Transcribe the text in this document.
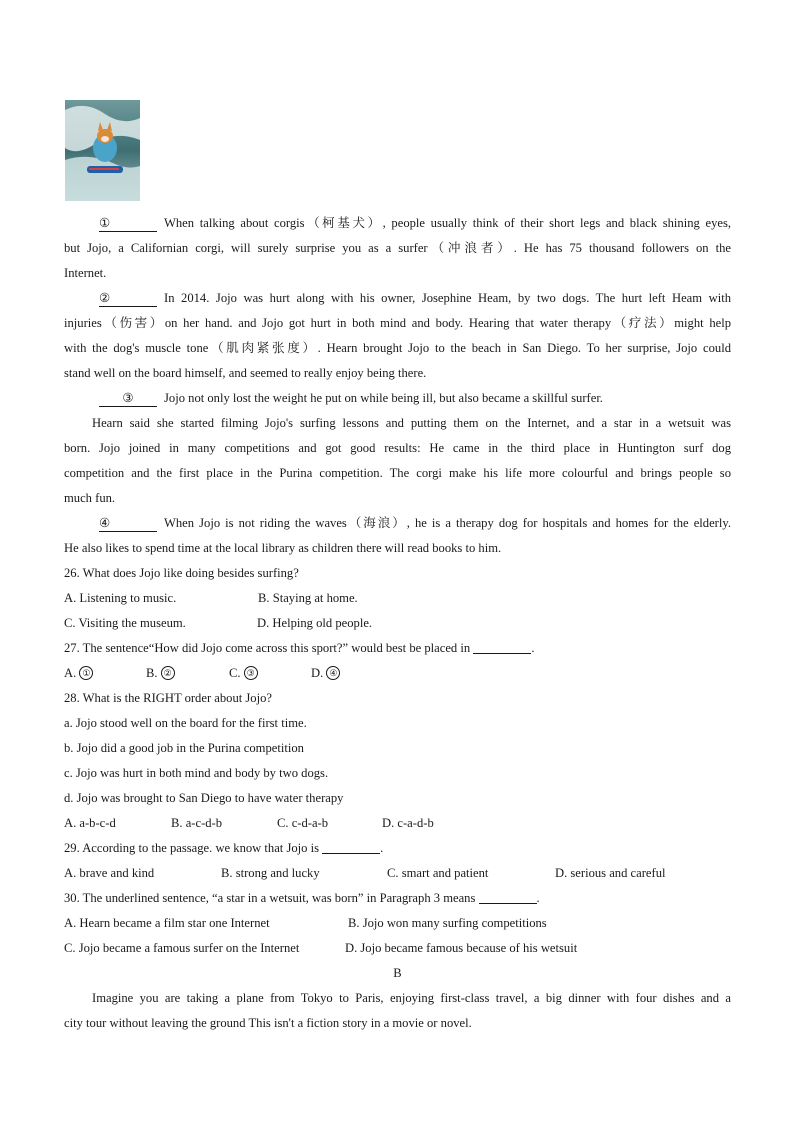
①	When talking about corgis（柯基犬）, people usually think of their short legs and black shining eyes,
but Jojo, a Californian corgi, will surely surprise you as a surfer（冲浪者）. He has 75 thousand followers on the
Internet.
②	In 2014. Jojo was hurt along with his owner, Josephine Heam, by two dogs. The hurt left Heam with
injuries（伤害）on her hand. and Jojo got hurt in both mind and body. Hearing that water therapy（疗法）might help
with the dog's muscle tone（肌肉紧张度）. Hearn brought Jojo to the beach in San Diego. To her surprise, Jojo could
stand well on the board himself, and seemed to really enjoy being there.
③ Jojo not only lost the weight he put on while being ill, but also became a skillful surfer.
Hearn said she started filming Jojo's surfing lessons and putting them on the Internet, and a star in a wetsuit was
born. Jojo joined in many competitions and got good results: He came in the third place in Huntington surf dog
competition and the first place in the Purina competition. The corgi make his life more colourful and brings people so
much fun.
④	When Jojo is not riding the waves（海浪）, he is a therapy dog for hospitals and homes for the elderly.
He also likes to spend time at the local library as children there will read books to him.
26. What does Jojo like doing besides surfing?
A. Listening to music.	B. Staying at home.
C. Visiting the museum.	D. Helping old people.
27. The sentence“How did Jojo come across this sport?” would best be placed in	.
A. ①	B. ②	C. ③	D. ④
28. What is the RIGHT order about Jojo?
a. Jojo stood well on the board for the first time.
b. Jojo did a good job in the Purina competition
c. Jojo was hurt in both mind and body by two dogs.
d. Jojo was brought to San Diego to have water therapy
A. a-b-c-d	B. a-c-d-b	C. c-d-a-b	D. c-a-d-b
29. According to the passage. we know that Jojo is	.
A. brave and kind	B. strong and lucky	C. smart and patient	D. serious and careful
30. The underlined sentence, “a star in a wetsuit, was born” in Paragraph 3 means	.
A. Hearn became a film star one Internet	B. Jojo won many surfing competitions
C. Jojo became a famous surfer on the Internet	D. Jojo became famous because of his wetsuit
B
Imagine you are taking a plane from Tokyo to Paris, enjoying first-class travel, a big dinner with four dishes and a
city tour without leaving the ground This isn't a fiction story in a movie or novel.
